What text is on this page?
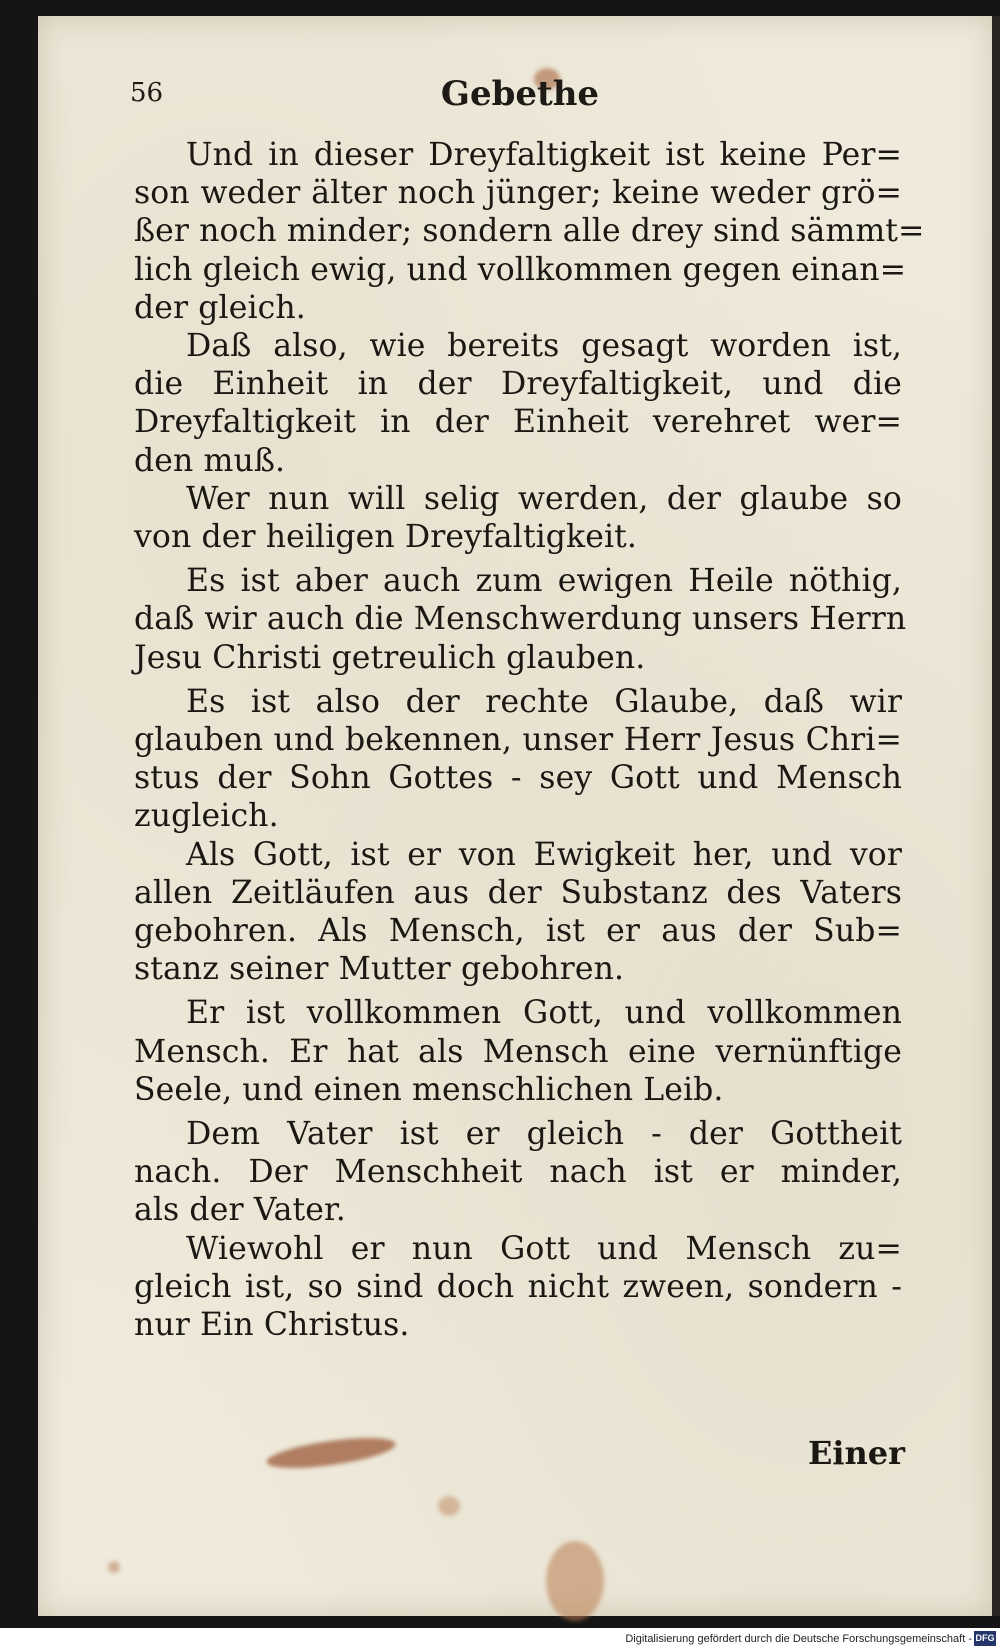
56	Gebethe
Und in dieser Dreyfaltigkeit ist keine Per=
son weder älter noch jünger; keine weder grö=
ßer noch minder; sondern alle drey sind sämmt=
lich gleich ewig, und vollkommen gegen einan=
der gleich.
Daß also, wie bereits gesagt worden ist,
die Einheit in der Dreyfaltigkeit, und die
Dreyfaltigkeit in der Einheit verehret wer=
den muß.
Wer nun will selig werden, der glaube so
von der heiligen Dreyfaltigkeit.
Es ist aber auch zum ewigen Heile nöthig,
daß wir auch die Menschwerdung unsers Herrn
Jesu Christi getreulich glauben.
Es ist also der rechte Glaube, daß wir
glauben und bekennen, unser Herr Jesus Chri=
stus der Sohn Gottes - sey Gott und Mensch
zugleich.
Als Gott, ist er von Ewigkeit her, und vor
allen Zeitläufen aus der Substanz des Vaters
gebohren. Als Mensch, ist er aus der Sub=
stanz seiner Mutter gebohren.
Er ist vollkommen Gott, und vollkommen
Mensch. Er hat als Mensch eine vernünftige
Seele, und einen menschlichen Leib.
Dem Vater ist er gleich - der Gottheit
nach. Der Menschheit nach ist er minder,
als der Vater.
Wiewohl er nun Gott und Mensch zu=
gleich ist, so sind doch nicht zween, sondern -
nur Ein Christus.
Einer
Digitalisierung gefördert durch die Deutsche Forschungsgemeinschaft - DFG
